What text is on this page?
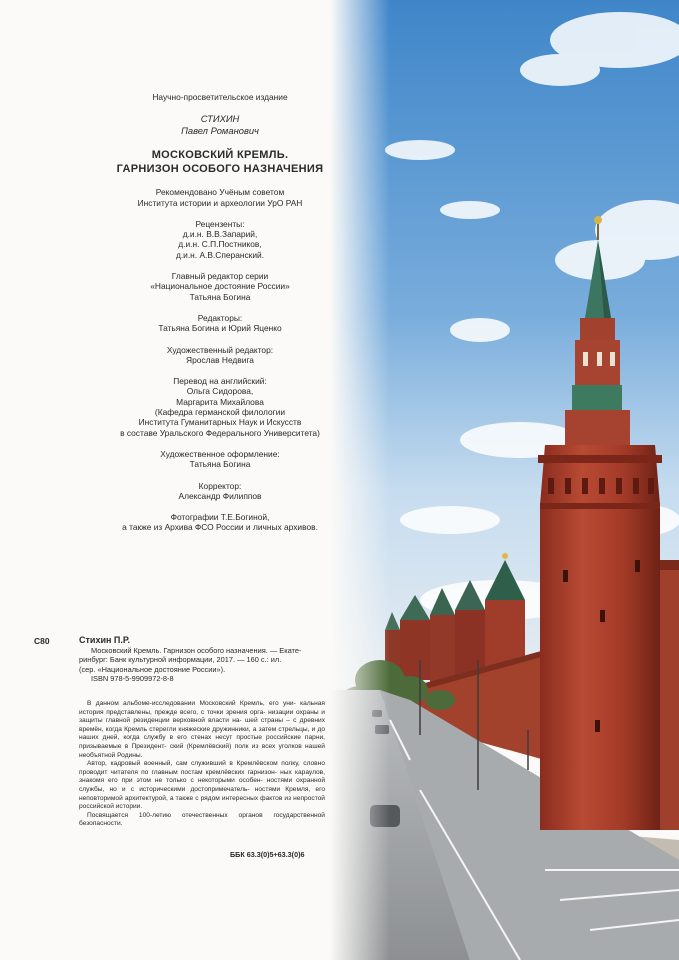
Научно-просветительское издание
СТИХИН
Павел Романович
МОСКОВСКИЙ КРЕМЛЬ.
ГАРНИЗОН ОСОБОГО НАЗНАЧЕНИЯ
Рекомендовано Учёным советом
Института истории и археологии УрО РАН
Рецензенты:
д.и.н. В.В.Запарий,
д.и.н. С.П.Постников,
д.и.н. А.В.Сперанский.
Главный редактор серии
«Национальное достояние России»
Татьяна Богина
Редакторы:
Татьяна Богина и Юрий Яценко
Художественный редактор:
Ярослав Недвига
Перевод на английский:
Ольга Сидорова,
Маргарита Михайлова
(Кафедра германской филологии
Института Гуманитарных Наук и Искусств
в составе Уральского Федерального Университета)
Художественное оформление:
Татьяна Богина
Корректор:
Александр Филиппов
Фотографии Т.Е.Богиной,
а также из Архива ФСО России и личных архивов.
С80	Стихин П.Р.
Московский Кремль. Гарнизон особого назначения. — Екате-
ринбург: Банк культурной информации, 2017. — 160 с.: ил.
(сер. «Национальное достояние России»).
ISBN 978-5-9909972-8-8

В данном альбоме-исследовании Московский Кремль, его уни- кальная история представлены, прежде всего, с точки зрения орга- низации охраны и защиты главной резиденции верховной власти на- шей страны – с древних времён, когда Кремль стерегли княжеские дружинники, а затем стрельцы, и до наших дней, когда службу в его стенах несут простые российские парни, призываемые в Президент- ский (Кремлёвский) полк из всех уголков нашей необъятной Родины.

Автор, кадровый военный, сам служивший в Кремлёвском полку, словно проводит читателя по главным постам кремлёвских гарнизон- ных караулов, знакомя его при этом не только с некоторыми особен- ностями охранной службы, но и с историческими достопримечатель- ностями Кремля, его неповторимой архитектурой, а также с рядом интересных фактов из непростой российской истории.

Посвящается 100-летию отечественных органов государственной безопасности.

ББК 63.3(0)5+63.3(0)6
